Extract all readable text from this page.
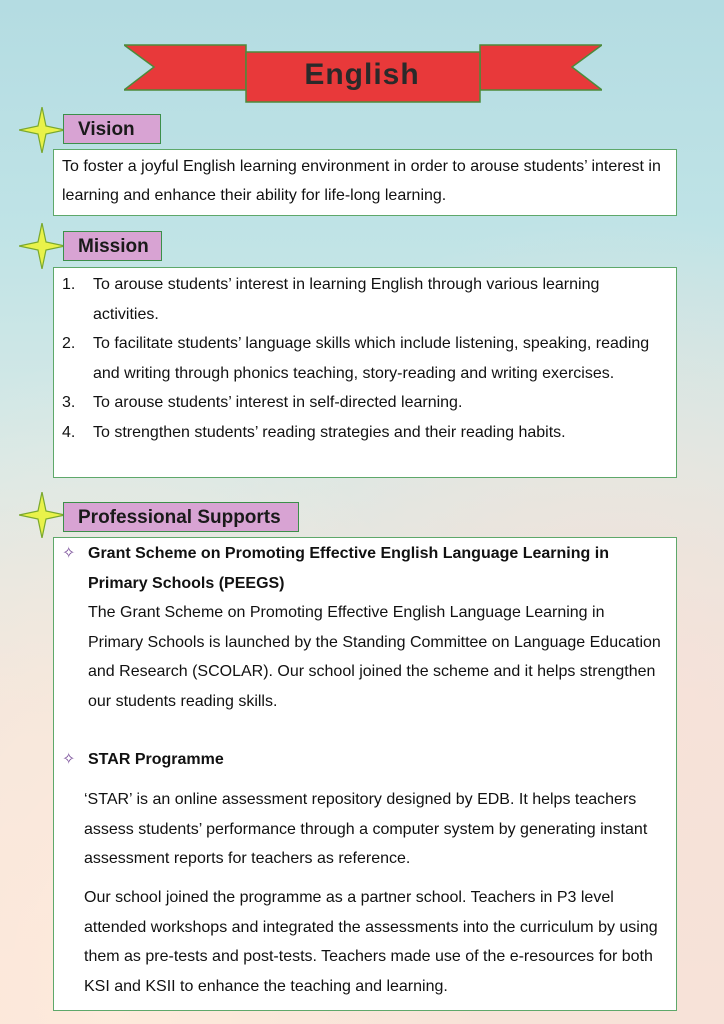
English
Vision
To foster a joyful English learning environment in order to arouse students’ interest in learning and enhance their ability for life-long learning.
Mission
1. To arouse students’ interest in learning English through various learning activities.
2. To facilitate students’ language skills which include listening, speaking, reading and writing through phonics teaching, story-reading and writing exercises.
3. To arouse students’ interest in self-directed learning.
4. To strengthen students’ reading strategies and their reading habits.
Professional Supports
✧ Grant Scheme on Promoting Effective English Language Learning in Primary Schools (PEEGS)
The Grant Scheme on Promoting Effective English Language Learning in Primary Schools is launched by the Standing Committee on Language Education and Research (SCOLAR). Our school joined the scheme and it helps strengthen our students reading skills.
✧ STAR Programme
‘STAR’ is an online assessment repository designed by EDB. It helps teachers assess students’ performance through a computer system by generating instant assessment reports for teachers as reference.
Our school joined the programme as a partner school. Teachers in P3 level attended workshops and integrated the assessments into the curriculum by using them as pre-tests and post-tests. Teachers made use of the e-resources for both KSI and KSII to enhance the teaching and learning.
